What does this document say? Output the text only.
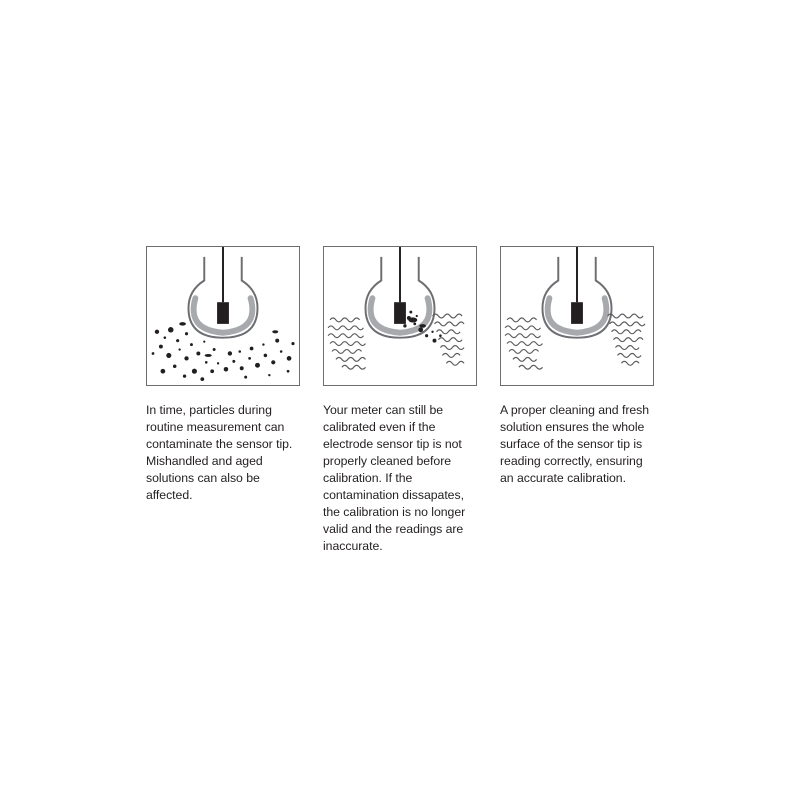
In time, particles during routine measurement can contaminate the sensor tip. Mishandled and aged solutions can also be affected.
Your meter can still be calibrated even if the electrode sensor tip is not properly cleaned before calibration. If the contamination dissapates, the calibration is no longer valid and the readings are inaccurate.
A proper cleaning and fresh solution ensures the whole surface of the sensor tip is reading correctly, ensuring an accurate calibration.
